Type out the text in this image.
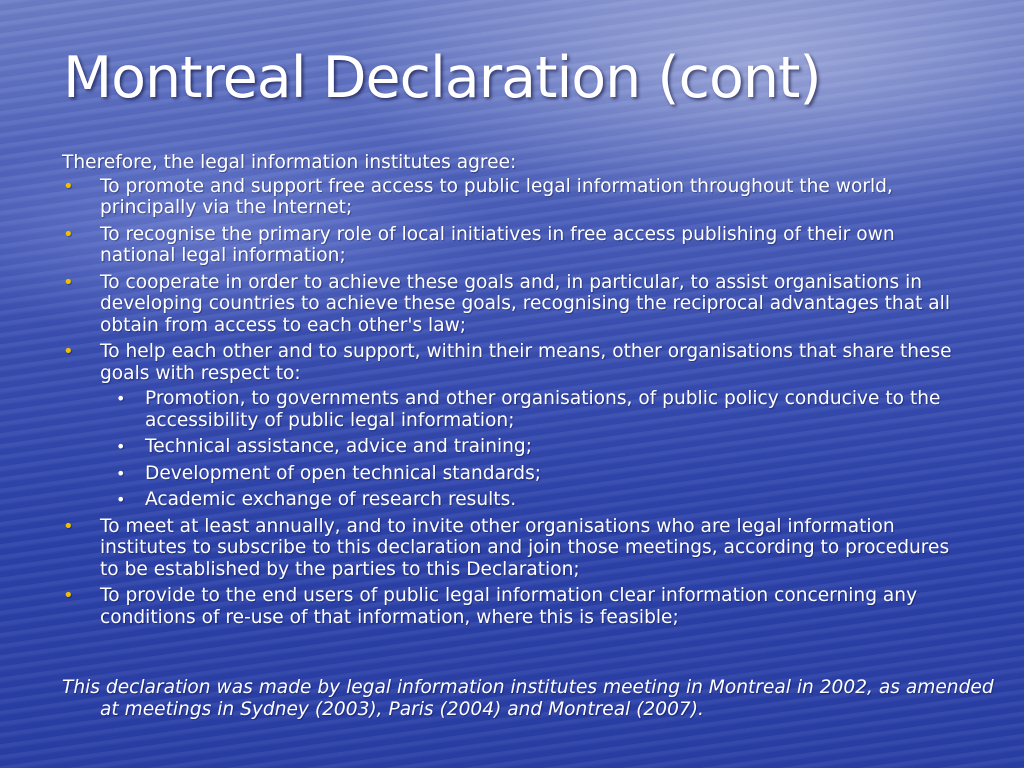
Montreal Declaration (cont)

Therefore, the legal information institutes agree:

• To promote and support free access to public legal information throughout the world, principally via the Internet;
• To recognise the primary role of local initiatives in free access publishing of their own national legal information;
• To cooperate in order to achieve these goals and, in particular, to assist organisations in developing countries to achieve these goals, recognising the reciprocal advantages that all obtain from access to each other's law;
• To help each other and to support, within their means, other organisations that share these goals with respect to:
• Promotion, to governments and other organisations, of public policy conducive to the accessibility of public legal information;
• Technical assistance, advice and training;
• Development of open technical standards;
• Academic exchange of research results.
• To meet at least annually, and to invite other organisations who are legal information institutes to subscribe to this declaration and join those meetings, according to procedures to be established by the parties to this Declaration;
• To provide to the end users of public legal information clear information concerning any conditions of re-use of that information, where this is feasible;
This declaration was made by legal information institutes meeting in Montreal in 2002, as amended at meetings in Sydney (2003), Paris (2004) and Montreal (2007).
